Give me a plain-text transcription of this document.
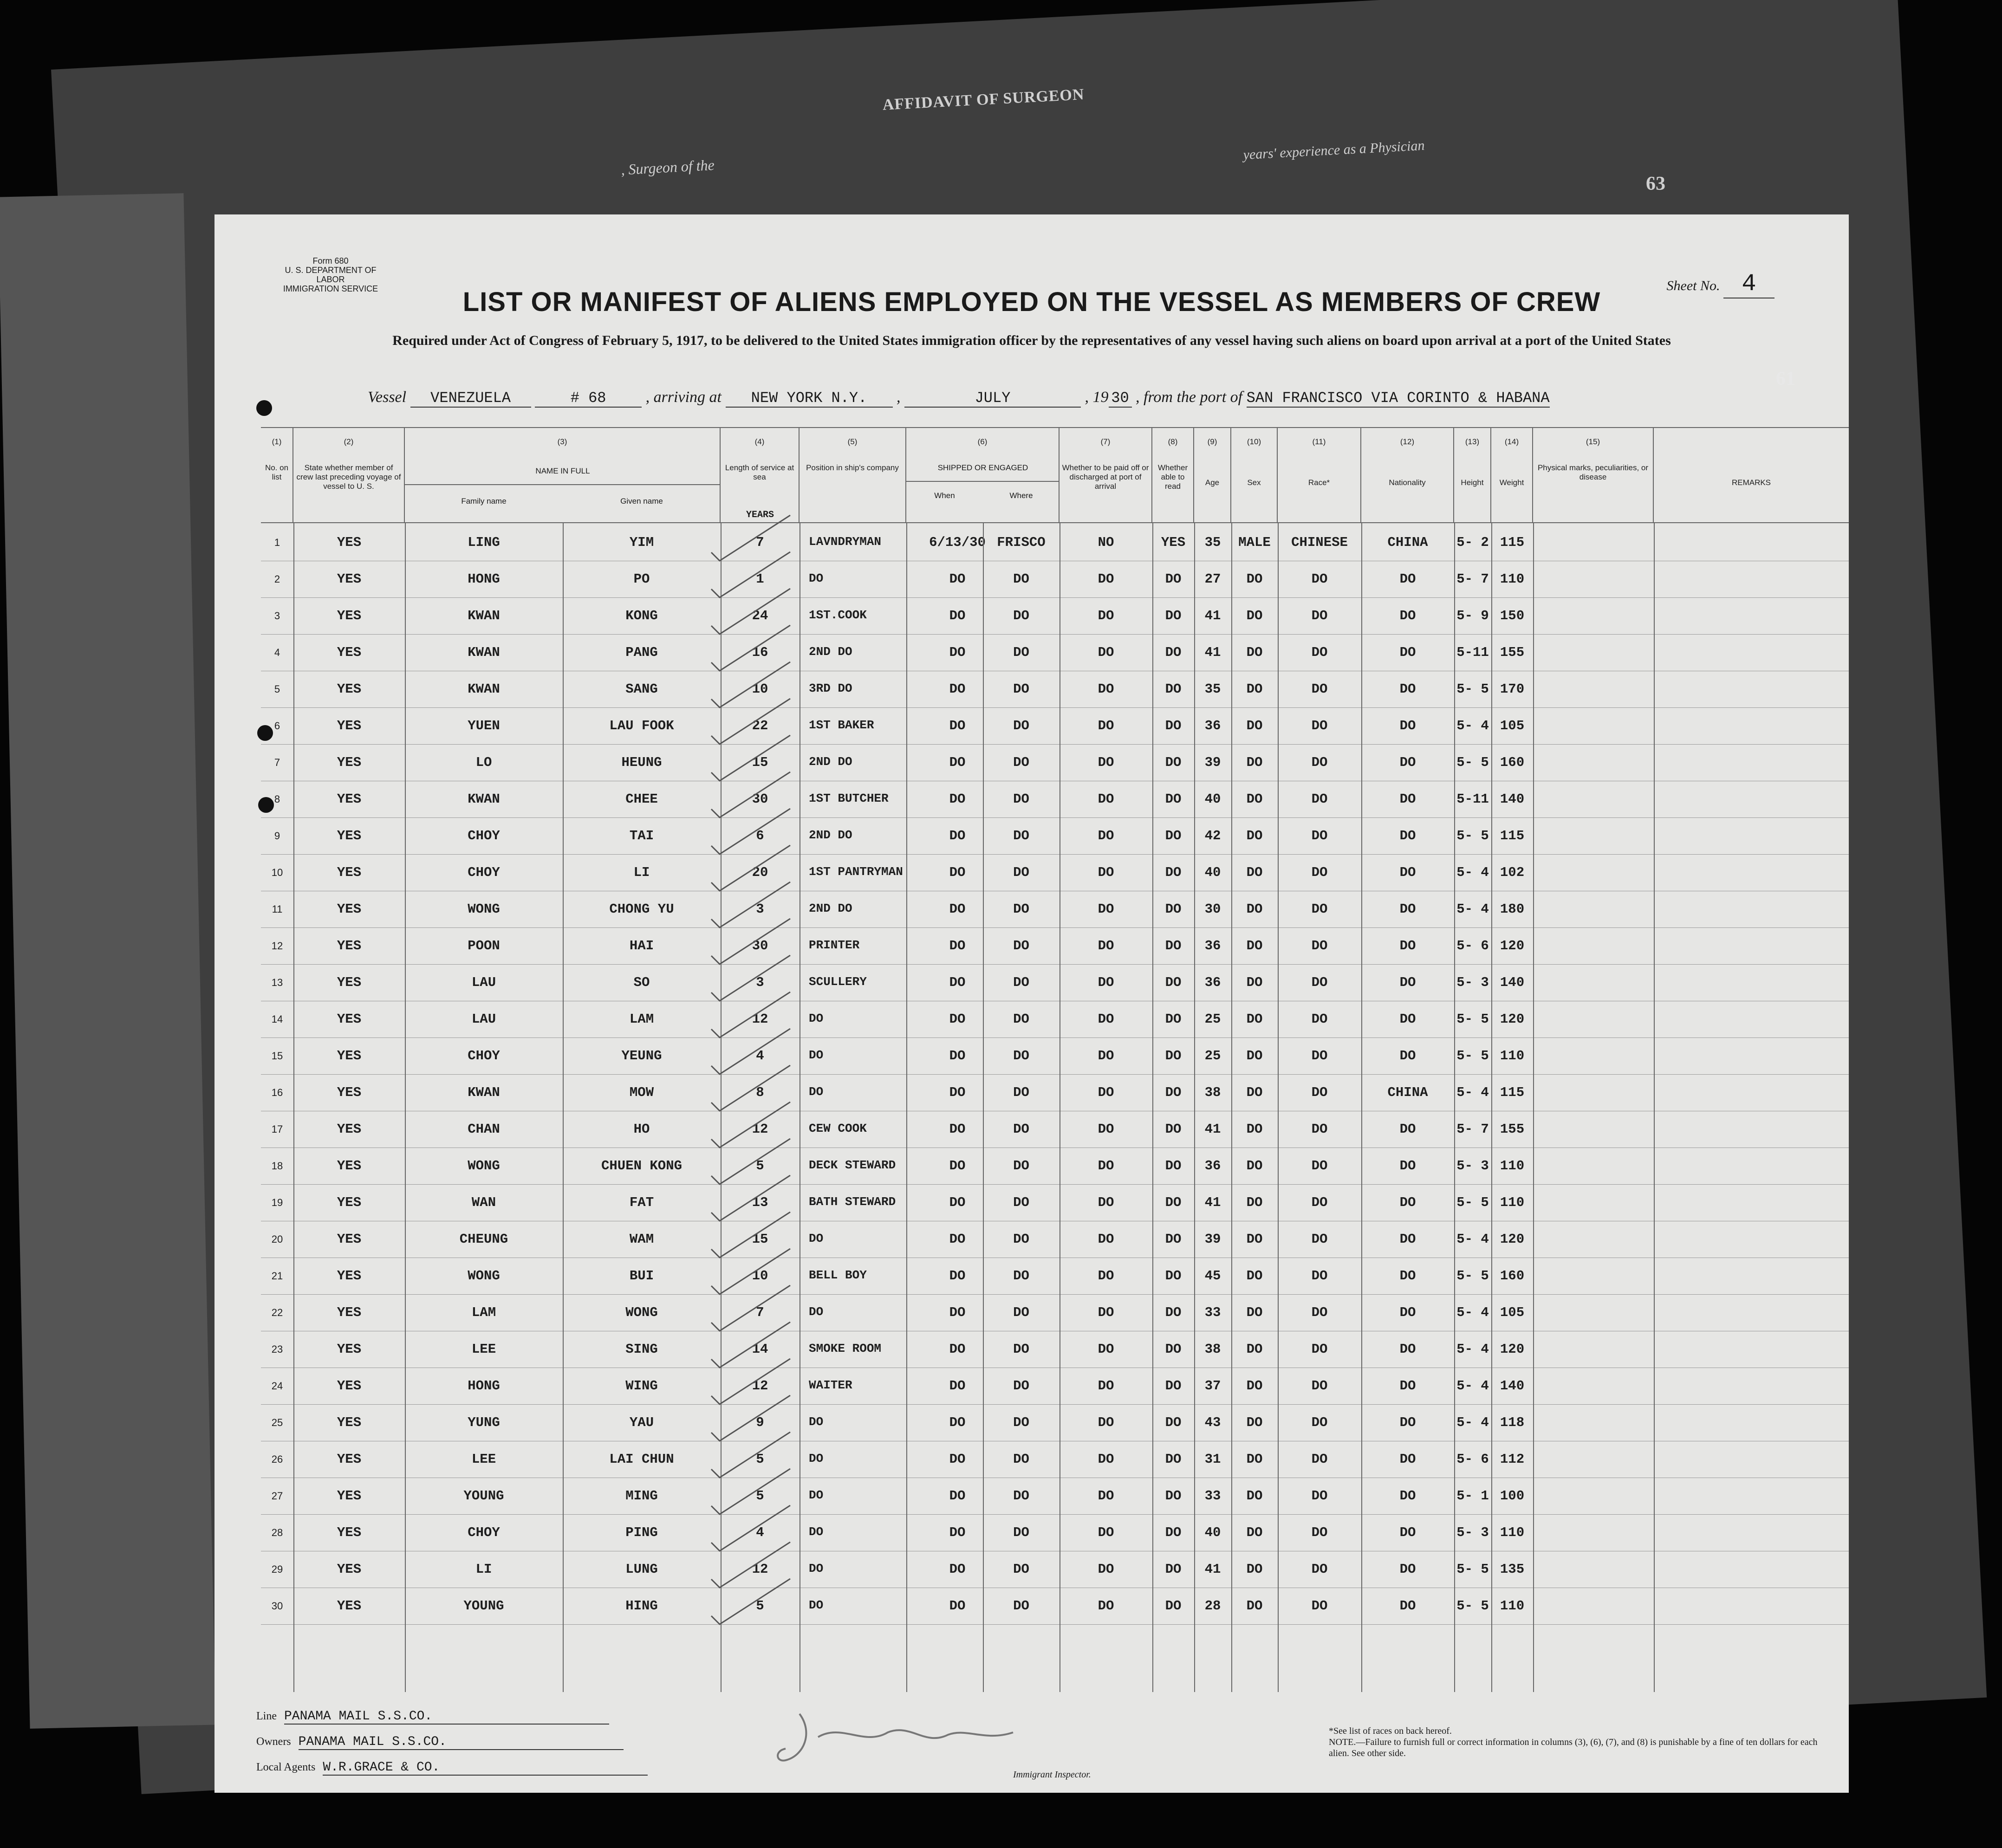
AFFIDAVIT OF SURGEON
, Surgeon of the
years' experience as a Physician
63
Form 680
U. S. DEPARTMENT OF LABOR
IMMIGRATION SERVICE	Sheet No. 4
LIST OR MANIFEST OF ALIENS EMPLOYED ON THE VESSEL AS MEMBERS OF CREW
Required under Act of Congress of February 5, 1917, to be delivered to the United States immigration officer by the representatives of any vessel having such aliens on board upon arrival at a port of the United States
Vessel VENEZUELA	# 68	, arriving at NEW YORK N.Y. ,	JULY	, 19 30 , from the port of SAN FRANCISCO VIA CORINTO & HABANA
(1)
No. on list
(2)
State whether member of crew last preceding voyage of vessel to U. S.
(3)
NAME IN FULL
Family name	Given name
(4)
Length of service at sea
YEARS
(5)
Position in ship's company
(6)
SHIPPED OR ENGAGED
When	Where
(7)
Whether to be paid off or discharged at port of arrival
(8)
Whether able to read
(9)
Age
(10)
Sex
(11)
Race*
(12)
Nationality
(13)
Height
(14)
Weight
(15)
Physical marks, peculiarities, or disease
REMARKS
1	YES	LING	YIM	7	LAVNDRYMAN	6/13/30 FRISCO	NO	YES	35	MALE	CHINESE	CHINA	5- 2 115
2	YES	HONG	PO	1	DO	DO	DO	DO	DO	27	DO	DO	DO	5- 7 110
3	YES	KWAN	KONG	24	1ST.COOK	DO	DO	DO	DO	41	DO	DO	DO	5- 9 150
4	YES	KWAN	PANG	16	2ND DO	DO	DO	DO	DO	41	DO	DO	DO	5-11 155
5	YES	KWAN	SANG	10	3RD DO	DO	DO	DO	DO	35	DO	DO	DO	5- 5 170
6	YES	YUEN	LAU FOOK	22	1ST BAKER	DO	DO	DO	DO	36	DO	DO	DO	5- 4 105
7	YES	LO	HEUNG	15	2ND DO	DO	DO	DO	DO	39	DO	DO	DO	5- 5 160
8	YES	KWAN	CHEE	30	1ST BUTCHER	DO	DO	DO	DO	40	DO	DO	DO	5-11 140
9	YES	CHOY	TAI	6	2ND DO	DO	DO	DO	DO	42	DO	DO	DO	5- 5 115
10	YES	CHOY	LI	20	1ST PANTRYMAN	DO	DO	DO	DO	40	DO	DO	DO	5- 4 102
11	YES	WONG	CHONG YU	3	2ND DO	DO	DO	DO	DO	30	DO	DO	DO	5- 4 180
12	YES	POON	HAI	30	PRINTER	DO	DO	DO	DO	36	DO	DO	DO	5- 6 120
13	YES	LAU	SO	3	SCULLERY	DO	DO	DO	DO	36	DO	DO	DO	5- 3 140
14	YES	LAU	LAM	12	DO	DO	DO	DO	DO	25	DO	DO	DO	5- 5 120
15	YES	CHOY	YEUNG	4	DO	DO	DO	DO	DO	25	DO	DO	DO	5- 5 110
16	YES	KWAN	MOW	8	DO	DO	DO	DO	DO	38	DO	DO	CHINA	5- 4 115
17	YES	CHAN	HO	12	CEW COOK	DO	DO	DO	DO	41	DO	DO	DO	5- 7 155
18	YES	WONG	CHUEN KONG	5	DECK STEWARD	DO	DO	DO	DO	36	DO	DO	DO	5- 3 110
19	YES	WAN	FAT	13	BATH STEWARD	DO	DO	DO	DO	41	DO	DO	DO	5- 5 110
20	YES	CHEUNG	WAM	15	DO	DO	DO	DO	DO	39	DO	DO	DO	5- 4 120
21	YES	WONG	BUI	10	BELL BOY	DO	DO	DO	DO	45	DO	DO	DO	5- 5 160
22	YES	LAM	WONG	7	DO	DO	DO	DO	DO	33	DO	DO	DO	5- 4 105
23	YES	LEE	SING	14	SMOKE ROOM	DO	DO	DO	DO	38	DO	DO	DO	5- 4 120
24	YES	HONG	WING	12	WAITER	DO	DO	DO	DO	37	DO	DO	DO	5- 4 140
25	YES	YUNG	YAU	9	DO	DO	DO	DO	DO	43	DO	DO	DO	5- 4 118
26	YES	LEE	LAI CHUN	5	DO	DO	DO	DO	DO	31	DO	DO	DO	5- 6 112
27	YES	YOUNG	MING	5	DO	DO	DO	DO	DO	33	DO	DO	DO	5- 1 100
28	YES	CHOY	PING	4	DO	DO	DO	DO	DO	40	DO	DO	DO	5- 3 110
29	YES	LI	LUNG	12	DO	DO	DO	DO	DO	41	DO	DO	DO	5- 5 135
30	YES	YOUNG	HING	5	DO	DO	DO	DO	DO	28	DO	DO	DO	5- 5 110
Line PANAMA MAIL S.S.CO.
Owners PANAMA MAIL S.S.CO.
Local Agents W.R.GRACE & CO.	Immigrant Inspector.
*See list of races on back hereof.
NOTE.—Failure to furnish full or correct information in columns (3), (6), (7), and (8) is punishable by a fine of ten dollars for each alien. See other side.
61
